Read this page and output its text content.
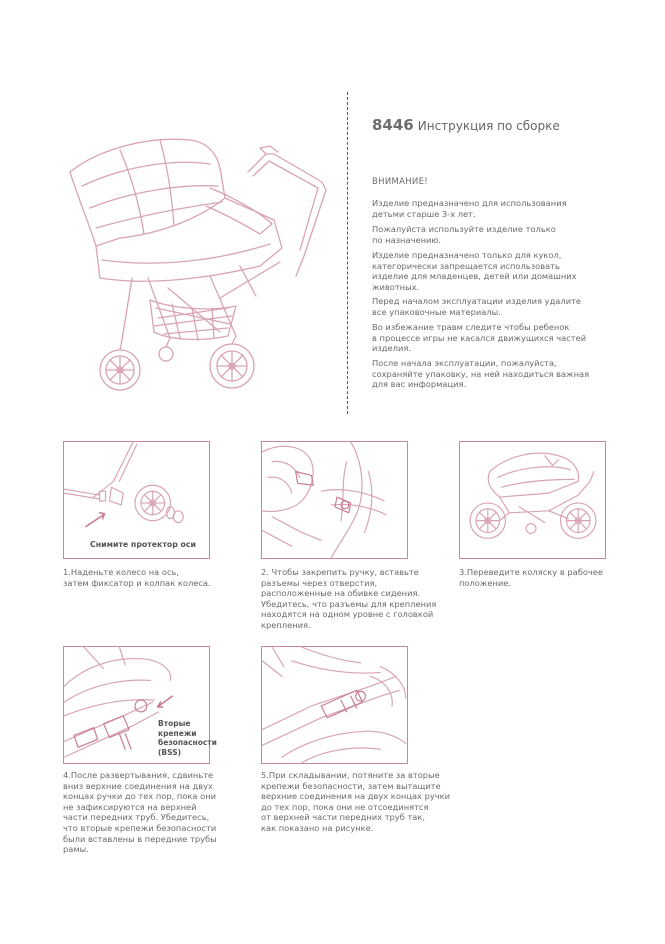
8446 Инструкция по сборке
ВНИМАНИЕ!

Изделие предназначено для использования
детьми старше 3-х лет.

Пожалуйста используйте изделие только
по назначению.

Изделие предназначено только для кукол,
категорически запрещается использовать
изделие для младенцев, детей или домашних
животных.

Перед началом эксплуатации изделия удалите
все упаковочные материалы.

Во избежание травм следите чтобы ребенок
в процессе игры не касался движущихся частей
изделия.

После начала эксплуатации, пожалуйста,
сохраняйте упаковку, на ней находиться важная
для вас информация.

Снимите протектор оси

1.Наденьте колесо на ось,
затем фиксатор и колпак колеса.

2. Чтобы закрепить ручку, вставьте
разъемы через отверстия,
расположенные на обивке сидения.
Убедитесь, что разъемы для крепления
находятся на одном уровне с головкой
крепления.

3.Переведите коляску в рабочее
положение.

Вторые
крепежи
безопасности
(BSS)

4.После развертывания, сдвиньте
вниз верхние соединения на двух
концах ручки до тех пор, пока они
не зафиксируются на верхней
части передних труб. Убедитесь,
что вторые крепежи безопасности
были вставлены в передние трубы
рамы.

5.При складывании, потяните за вторые
крепежи безопасности, затем вытащите
верхние соединения на двух концах ручки
до тех пор, пока они не отсоединятся
от верхней части передних труб так,
как показано на рисунке.
